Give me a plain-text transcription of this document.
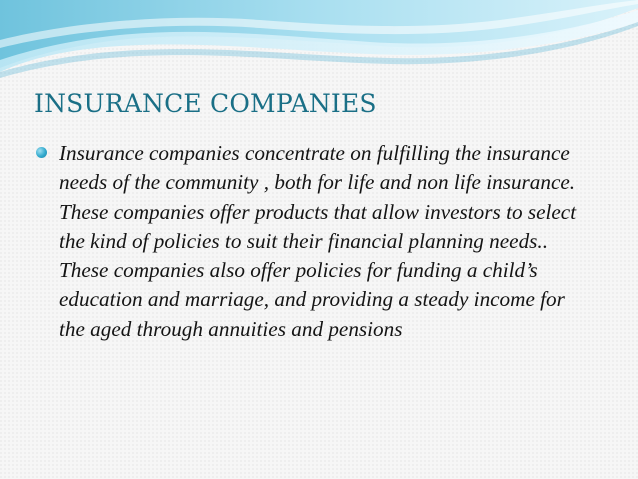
INSURANCE COMPANIES
Insurance companies concentrate on fulfilling the insurance needs of the community , both for life and non life insurance. These companies offer products that allow investors to select the kind of policies to suit their financial planning needs.. These companies also offer policies for funding a child’s education and marriage, and providing a steady income for the aged through annuities and pensions
